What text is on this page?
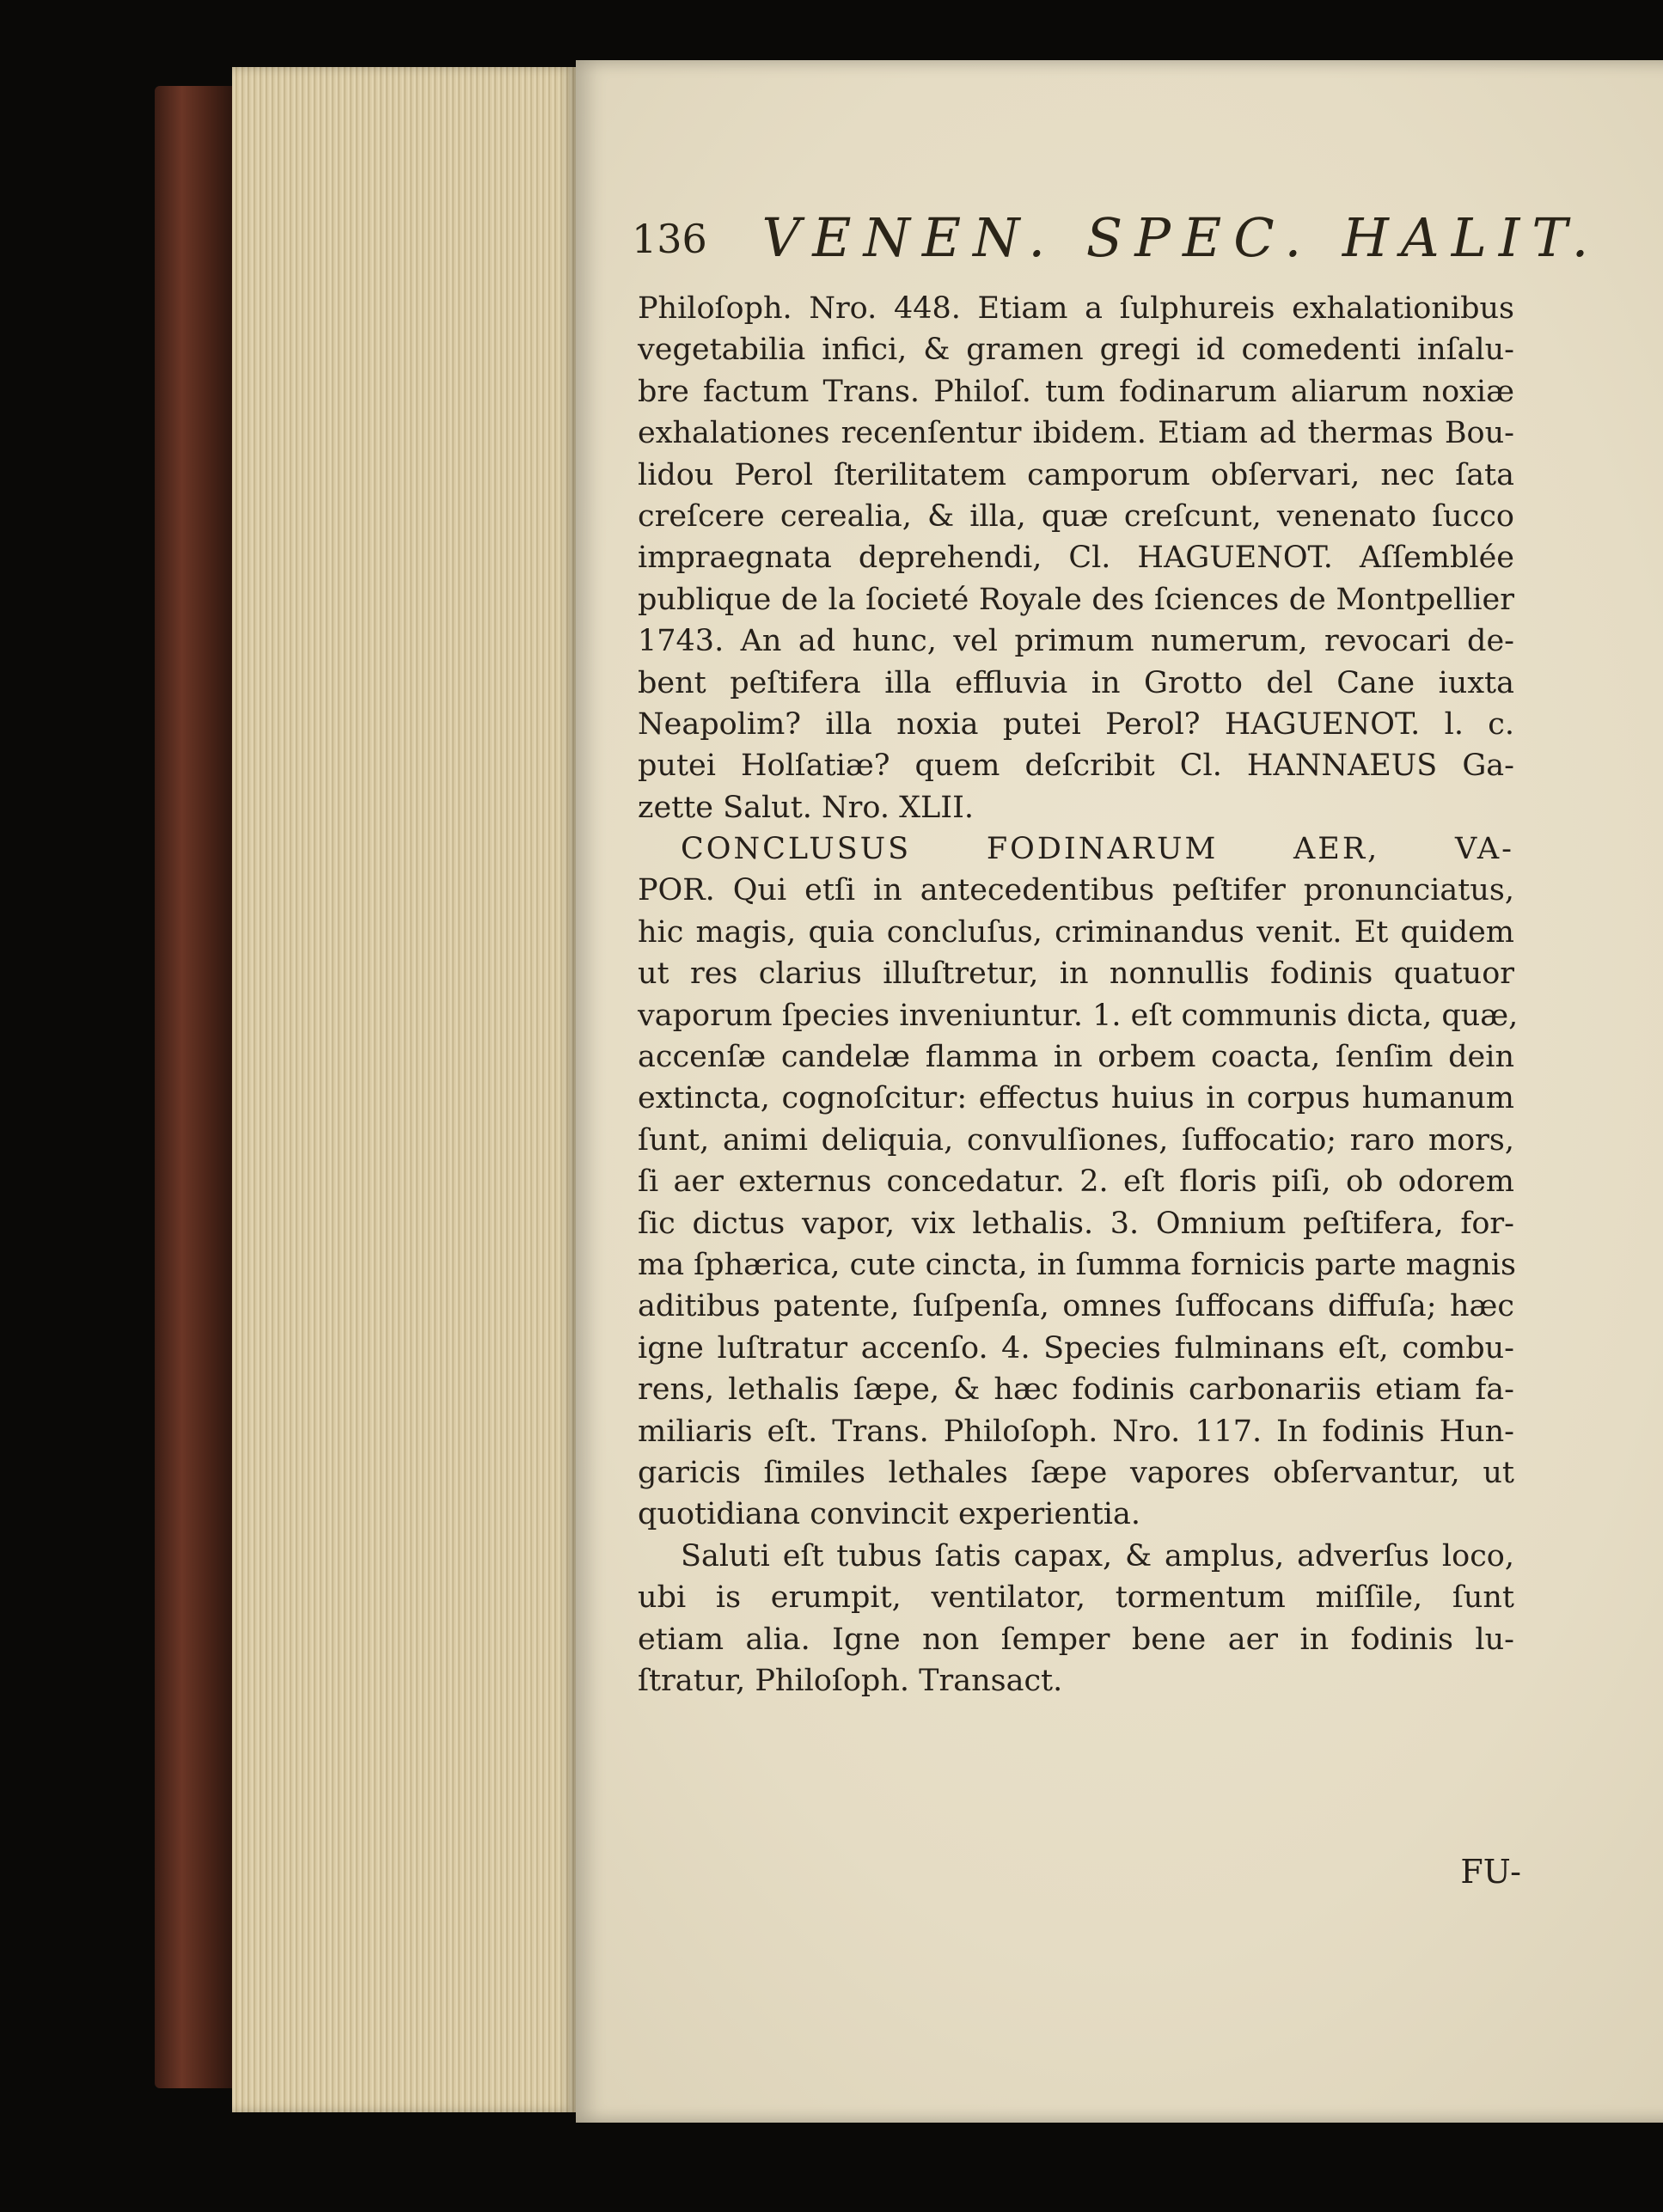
136 VENEN. SPEC. HALIT.
Philoſoph. Nro. 448. Etiam a ſulphureis exhalationibus
vegetabilia infici, & gramen gregi id comedenti inſalu-
bre factum Trans. Philoſ. tum fodinarum aliarum noxiæ
exhalationes recenſentur ibidem. Etiam ad thermas Bou-
lidou Perol ſterilitatem camporum obſervari, nec ſata
creſcere cerealia, & illa, quæ creſcunt, venenato ſucco
impraegnata deprehendi, Cl. HAGUENOT. Aſſemblée
publique de la ſocieté Royale des ſciences de Montpellier
1743. An ad hunc, vel primum numerum, revocari de-
bent peſtifera illa effluvia in Grotto del Cane iuxta
Neapolim? illa noxia putei Perol? HAGUENOT. l. c.
putei Holſatiæ? quem deſcribit Cl. HANNAEUS Ga-
zette Salut. Nro. XLII.
CONCLUSUS FODINARUM AER, VA-
POR. Qui etſi in antecedentibus peſtifer pronunciatus,
hic magis, quia concluſus, criminandus venit. Et quidem
ut res clarius illuſtretur, in nonnullis fodinis quatuor
vaporum ſpecies inveniuntur. 1. eſt communis dicta, quæ,
accenſæ candelæ flamma in orbem coacta, ſenſim dein
extincta, cognoſcitur: effectus huius in corpus humanum
ſunt, animi deliquia, convulſiones, ſuffocatio; raro mors,
ſi aer externus concedatur. 2. eſt floris piſi, ob odorem
ſic dictus vapor, vix lethalis. 3. Omnium peſtifera, for-
ma ſphærica, cute cincta, in ſumma fornicis parte magnis
aditibus patente, ſuſpenſa, omnes ſuffocans diffuſa; hæc
igne luſtratur accenſo. 4. Species fulminans eſt, combu-
rens, lethalis ſæpe, & hæc fodinis carbonariis etiam fa-
miliaris eſt. Trans. Philoſoph. Nro. 117. In fodinis Hun-
garicis ſimiles lethales ſæpe vapores obſervantur, ut
quotidiana convincit experientia.
Saluti eſt tubus ſatis capax, & amplus, adverſus loco,
ubi is erumpit, ventilator, tormentum miſſile, ſunt
etiam alia. Igne non ſemper bene aer in fodinis lu-
ſtratur, Philoſoph. Transact.
FU-
